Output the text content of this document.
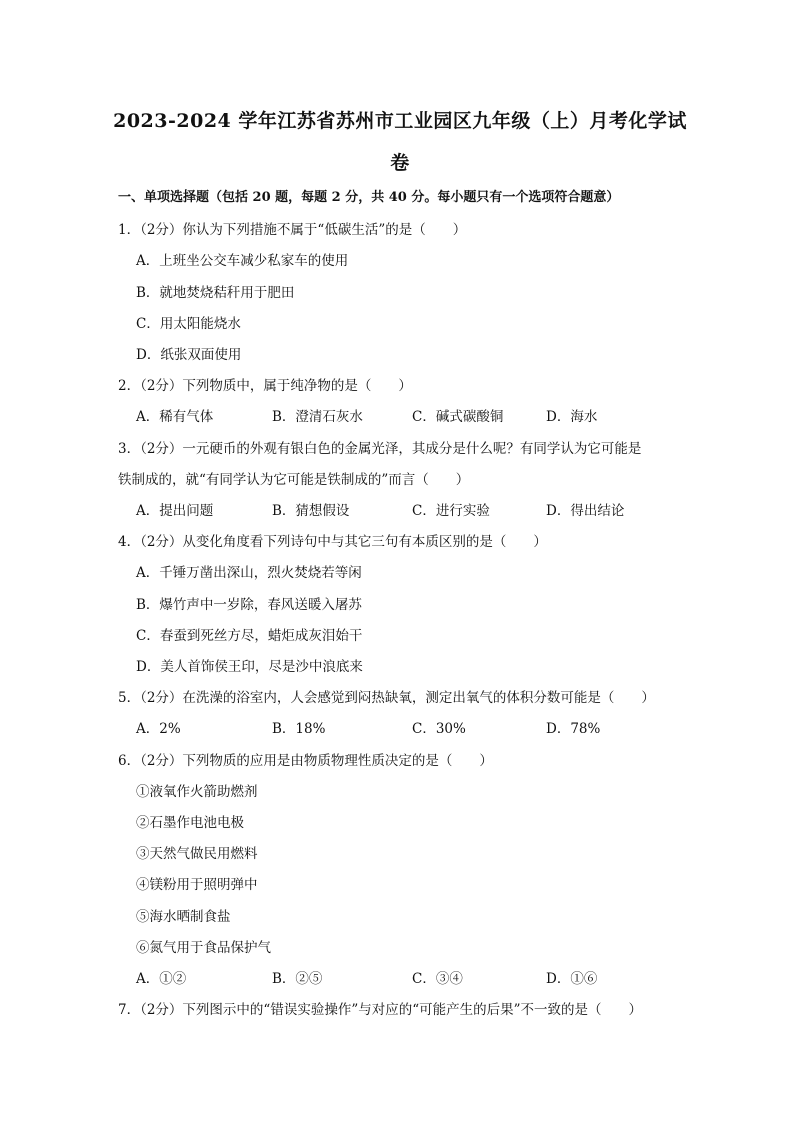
2023-2024 学年江苏省苏州市工业园区九年级（上）月考化学试
卷
一、单项选择题（包括 20 题，每题 2 分，共 40 分。每小题只有一个选项符合题意）
1．（2分）你认为下列措施不属于“低碳生活”的是（　　）
A．上班坐公交车减少私家车的使用
B．就地焚烧秸秆用于肥田
C．用太阳能烧水
D．纸张双面使用
2．（2分）下列物质中，属于纯净物的是（　　）
A．稀有气体	B．澄清石灰水	C．碱式碳酸铜	D．海水
3．（2分）一元硬币的外观有银白色的金属光泽，其成分是什么呢？有同学认为它可能是
铁制成的，就“有同学认为它可能是铁制成的”而言（　　）
A．提出问题	B．猜想假设	C．进行实验	D．得出结论
4．（2分）从变化角度看下列诗句中与其它三句有本质区别的是（　　）
A．千锤万凿出深山，烈火焚烧若等闲
B．爆竹声中一岁除，春风送暖入屠苏
C．春蚕到死丝方尽，蜡炬成灰泪始干
D．美人首饰侯王印，尽是沙中浪底来
5．（2分）在洗澡的浴室内，人会感觉到闷热缺氧，测定出氧气的体积分数可能是（　　）
A．2%	B．18%	C．30%	D．78%
6．（2分）下列物质的应用是由物质物理性质决定的是（　　）
①液氧作火箭助燃剂
②石墨作电池电极
③天然气做民用燃料
④镁粉用于照明弹中
⑤海水晒制食盐
⑥氮气用于食品保护气
A．①②	B．②⑤	C．③④	D．①⑥
7．（2分）下列图示中的“错误实验操作”与对应的“可能产生的后果”不一致的是（　　）
